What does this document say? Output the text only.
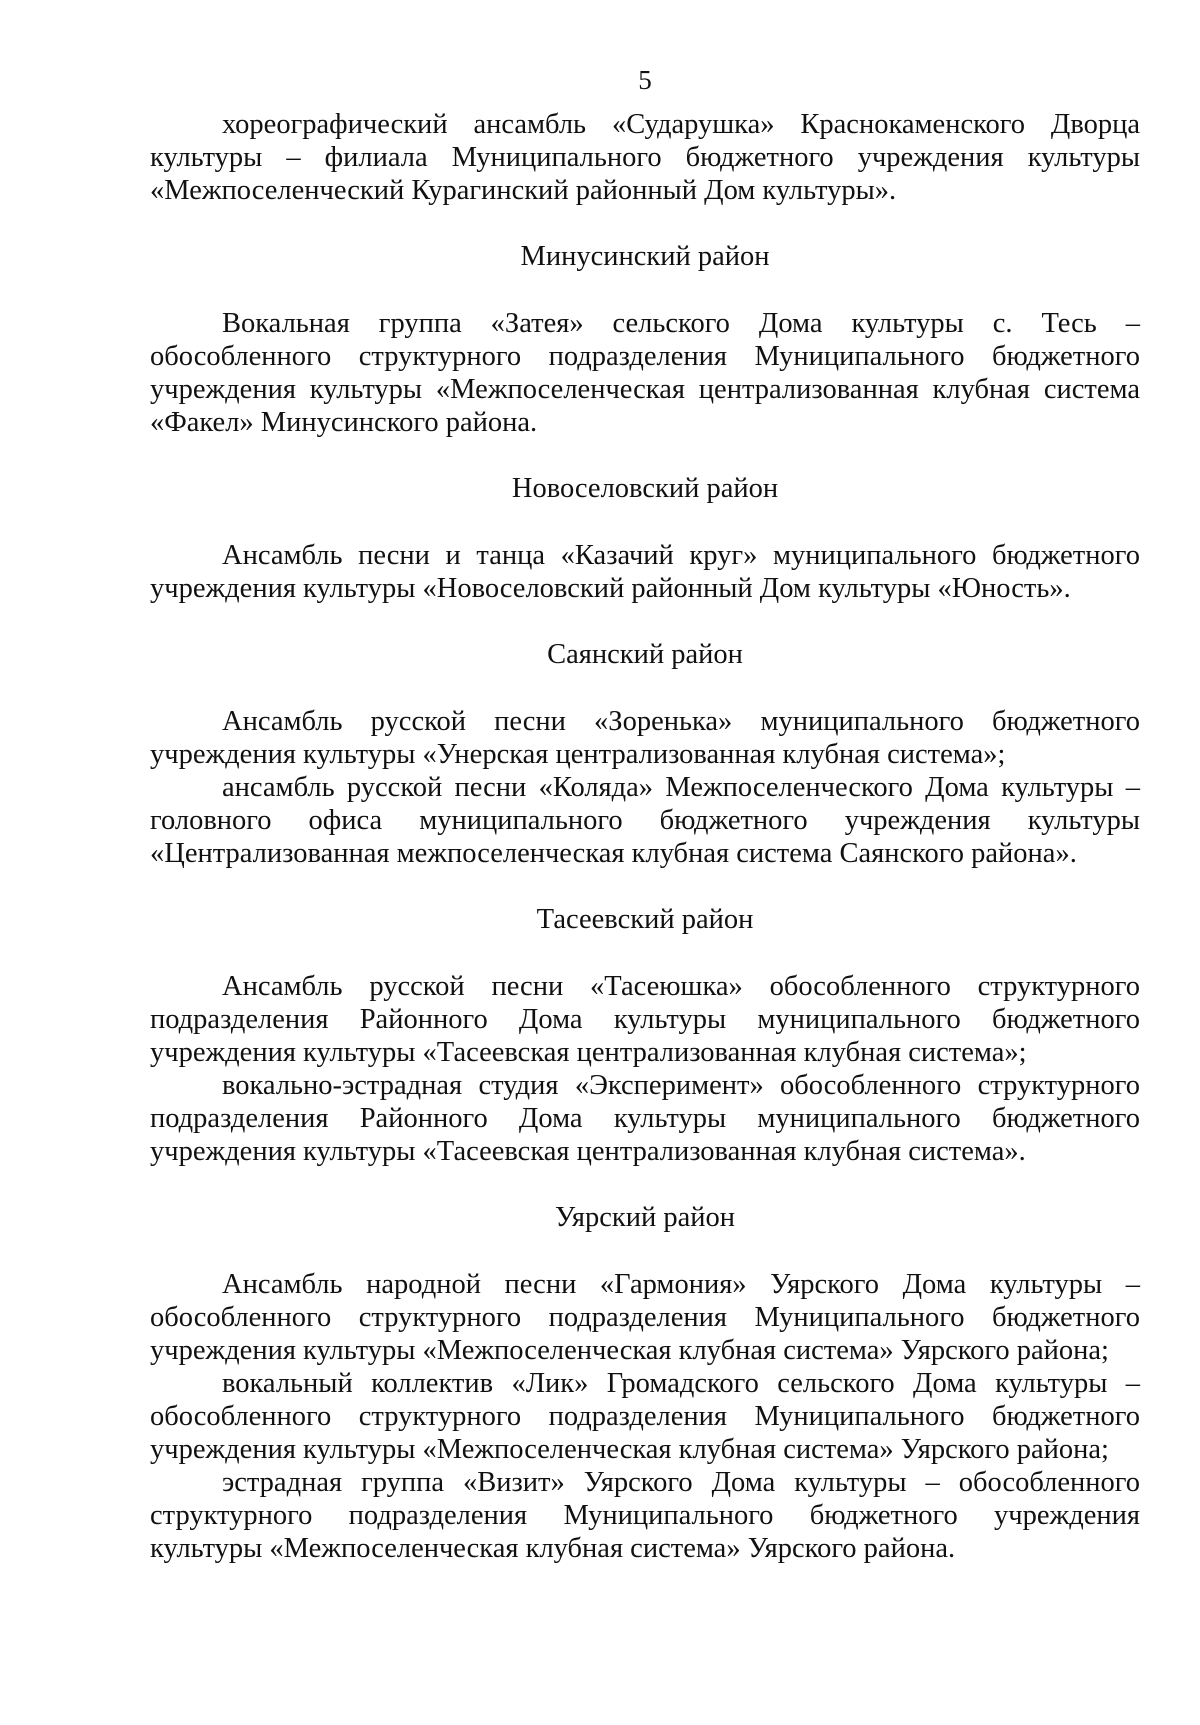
5

хореографический ансамбль «Сударушка» Краснокаменского Дворца культуры – филиала Муниципального бюджетного учреждения культуры «Межпоселенческий Курагинский районный Дом культуры».

Минусинский район

Вокальная группа «Затея» сельского Дома культуры с. Тесь – обособленного структурного подразделения Муниципального бюджетного учреждения культуры «Межпоселенческая централизованная клубная система «Факел» Минусинского района.

Новоселовский район

Ансамбль песни и танца «Казачий круг» муниципального бюджетного учреждения культуры «Новоселовский районный Дом культуры «Юность».

Саянский район

Ансамбль русской песни «Зоренька» муниципального бюджетного учреждения культуры «Унерская централизованная клубная система»;

ансамбль русской песни «Коляда» Межпоселенческого Дома культуры – головного офиса муниципального бюджетного учреждения культуры «Централизованная межпоселенческая клубная система Саянского района».

Тасеевский район

Ансамбль русской песни «Тасеюшка» обособленного структурного подразделения Районного Дома культуры муниципального бюджетного учреждения культуры «Тасеевская централизованная клубная система»;

вокально-эстрадная студия «Эксперимент» обособленного структурного подразделения Районного Дома культуры муниципального бюджетного учреждения культуры «Тасеевская централизованная клубная система».

Уярский район

Ансамбль народной песни «Гармония» Уярского Дома культуры – обособленного структурного подразделения Муниципального бюджетного учреждения культуры «Межпоселенческая клубная система» Уярского района;

вокальный коллектив «Лик» Громадского сельского Дома культуры – обособленного структурного подразделения Муниципального бюджетного учреждения культуры «Межпоселенческая клубная система» Уярского района;

эстрадная группа «Визит» Уярского Дома культуры – обособленного структурного подразделения Муниципального бюджетного учреждения культуры «Межпоселенческая клубная система» Уярского района.
